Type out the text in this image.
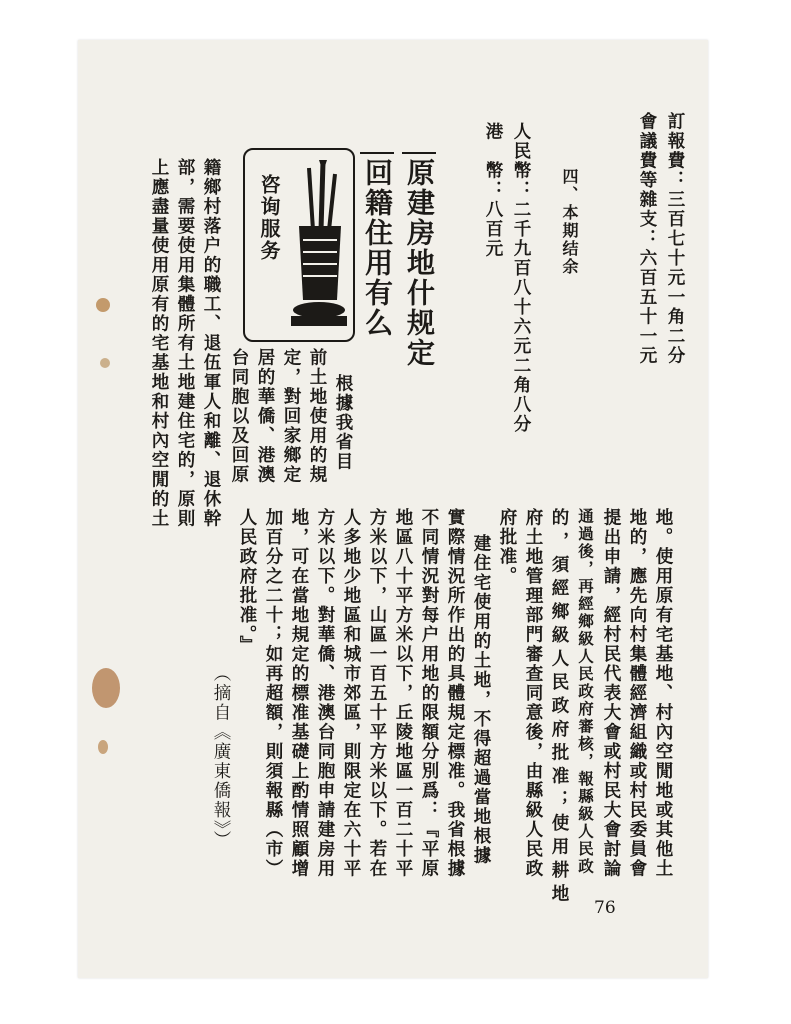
訂報費：三百七十元一角二分
會議費等雜支：六百五十一元
四、本期结余
人民幣：二千九百八十六元二角八分
港　幣：八百元
原建房地什规定
回籍住用有么
咨询服务
根據我省目
前土地使用的規
定，對回家鄉定
居的華僑、港澳
台同胞以及回原
籍鄉村落户的職工、退伍軍人和離、退休幹
部，需要使用集體所有土地建住宅的，原則
上應盡量使用原有的宅基地和村內空閒的土
地。使用原有宅基地、村內空閒地或其他土
地的，應先向村集體經濟組織或村民委員會
提出申請，經村民代表大會或村民大會討論
通過後，再經鄉級人民政府審核，報縣級人民政
的，須經鄉級人民政府批准；使用耕地
府土地管理部門審查同意後，由縣級人民政
府批准。
建住宅使用的土地，不得超過當地根據
實際情況所作出的具體規定標准。我省根據
不同情況對每户用地的限額分別爲：『平原
地區八十平方米以下，丘陵地區一百二十平
方米以下，山區一百五十平方米以下。若在
人多地少地區和城市郊區，則限定在六十平
方米以下。對華僑、港澳台同胞申請建房用
地，可在當地規定的標准基礎上酌情照顧增
加百分之二十；如再超額，則須報縣（市）
人民政府批准。』
（摘自《廣東僑報》）
76
